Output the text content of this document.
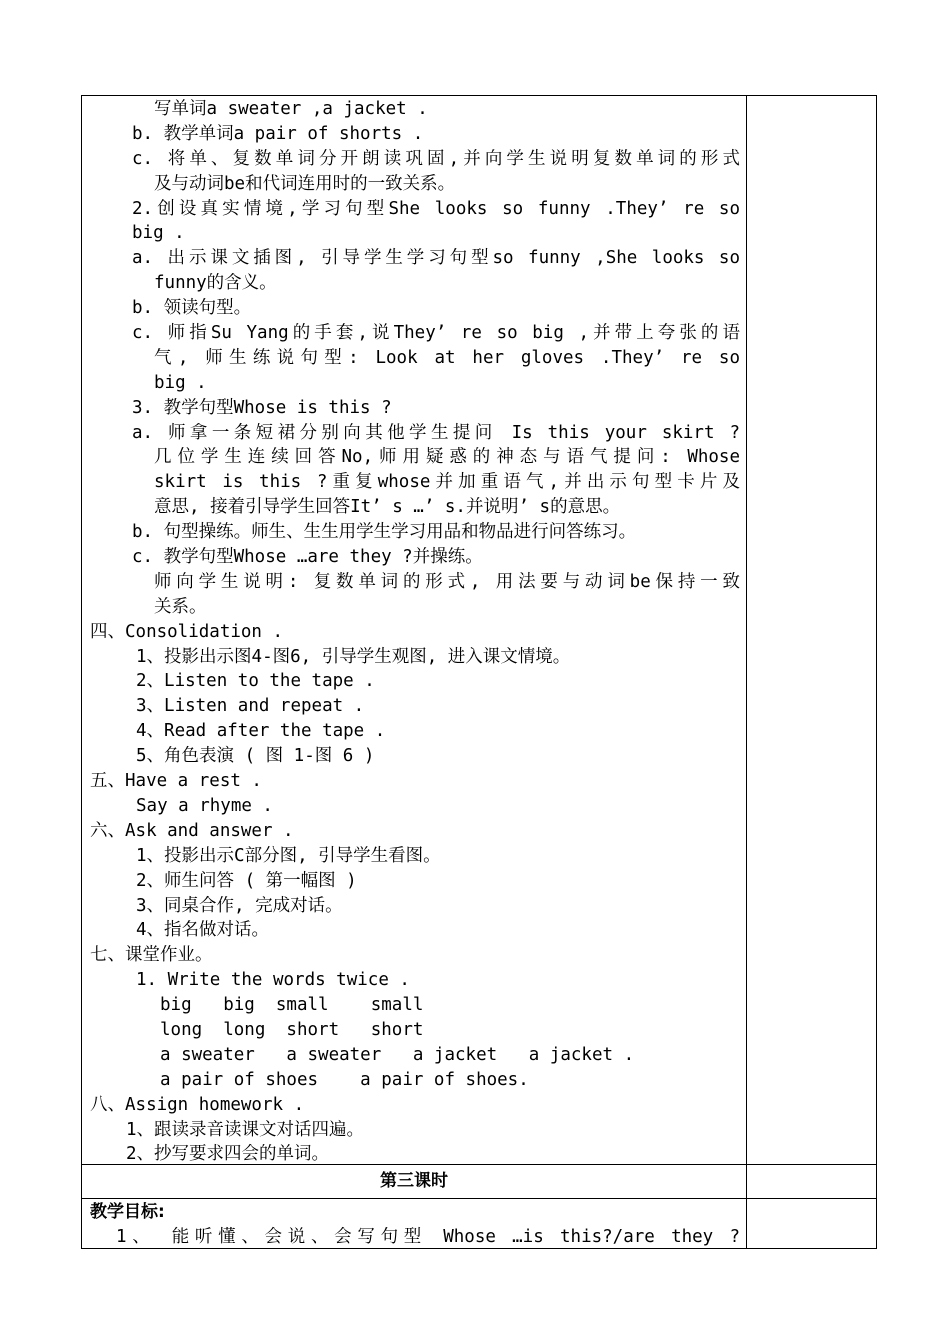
写单词a sweater ,a jacket .
b. 教学单词a pair of shorts .
c. 将单、复数单词分开朗读巩固,并向学生说明复数单词的形式
及与动词be和代词连用时的一致关系。
2.创设真实情境,学习句型She looks so funny .They’ re so
big .
a. 出示课文插图, 引导学生学习句型so funny ,She looks so
funny的含义。
b. 领读句型。
c. 师指Su Yang的手套,说They’ re so big ,并带上夸张的语
气, 师生练说句型: Look at her gloves .They’ re so
big .
3. 教学句型Whose is this ?
a. 师拿一条短裙分别向其他学生提问 Is this your skirt ?
几位学生连续回答No,师用疑惑的神态与语气提问: Whose
skirt is this ?重复whose并加重语气,并出示句型卡片及
意思, 接着引导学生回答It’ s …’ s.并说明’ s的意思。
b. 句型操练。师生、生生用学生学习用品和物品进行问答练习。
c. 教学句型Whose …are they ?并操练。
师向学生说明: 复数单词的形式, 用法要与动词be保持一致
关系。
四、Consolidation .
1、投影出示图4-图6, 引导学生观图, 进入课文情境。
2、Listen to the tape .
3、Listen and repeat .
4、Read after the tape .
5、角色表演 ( 图 1-图 6 )
五、Have a rest .
Say a rhyme .
六、Ask and answer .
1、投影出示C部分图, 引导学生看图。
2、师生问答 ( 第一幅图 )
3、同桌合作, 完成对话。
4、指名做对话。
七、课堂作业。
1. Write the words twice .
big   big  small    small
long  long  short   short
a sweater   a sweater   a jacket   a jacket .
a pair of shoes    a pair of shoes.
八、Assign homework .
1、跟读录音读课文对话四遍。
2、抄写要求四会的单词。
第三课时
教学目标:
1、 能听懂、会说、会写句型 Whose …is this?/are they ?
